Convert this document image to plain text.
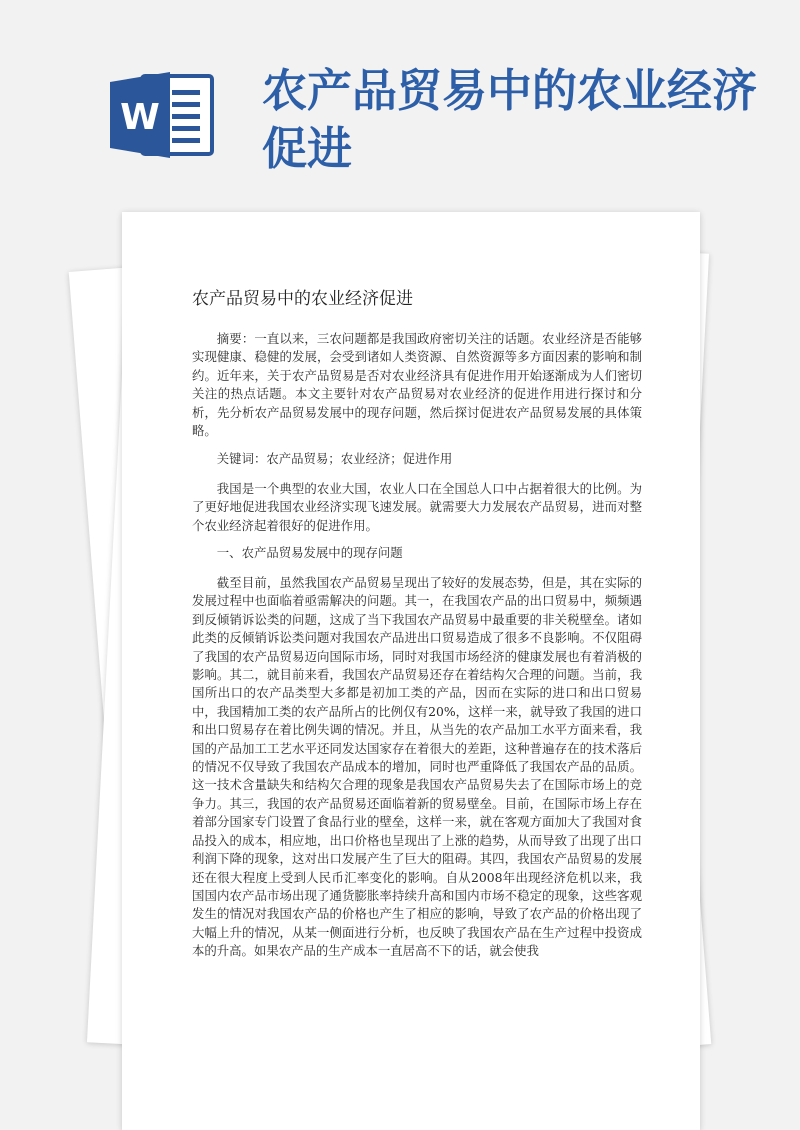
W
农产品贸易中的农业经济促进
农产品贸易中的农业经济促进

摘要：一直以来，三农问题都是我国政府密切关注的话题。农业经济是否能够实现健康、稳健的发展，会受到诸如人类资源、自然资源等多方面因素的影响和制约。近年来，关于农产品贸易是否对农业经济具有促进作用开始逐渐成为人们密切关注的热点话题。本文主要针对农产品贸易对农业经济的促进作用进行探讨和分析，先分析农产品贸易发展中的现存问题，然后探讨促进农产品贸易发展的具体策略。

关键词：农产品贸易；农业经济；促进作用

我国是一个典型的农业大国，农业人口在全国总人口中占据着很大的比例。为了更好地促进我国农业经济实现飞速发展。就需要大力发展农产品贸易，进而对整个农业经济起着很好的促进作用。

一、农产品贸易发展中的现存问题

截至目前，虽然我国农产品贸易呈现出了较好的发展态势，但是，其在实际的发展过程中也面临着亟需解决的问题。其一，在我国农产品的出口贸易中，频频遇到反倾销诉讼类的问题，这成了当下我国农产品贸易中最重要的非关税壁垒。诸如此类的反倾销诉讼类问题对我国农产品进出口贸易造成了很多不良影响。不仅阻碍了我国的农产品贸易迈向国际市场，同时对我国市场经济的健康发展也有着消极的影响。其二，就目前来看，我国农产品贸易还存在着结构欠合理的问题。当前，我国所出口的农产品类型大多都是初加工类的产品，因而在实际的进口和出口贸易中，我国精加工类的农产品所占的比例仅有20%，这样一来，就导致了我国的进口和出口贸易存在着比例失调的情况。并且，从当先的农产品加工水平方面来看，我国的产品加工工艺水平还同发达国家存在着很大的差距，这种普遍存在的技术落后的情况不仅导致了我国农产品成本的增加，同时也严重降低了我国农产品的品质。这一技术含量缺失和结构欠合理的现象是我国农产品贸易失去了在国际市场上的竞争力。其三，我国的农产品贸易还面临着新的贸易壁垒。目前，在国际市场上存在着部分国家专门设置了食品行业的壁垒，这样一来，就在客观方面加大了我国对食品投入的成本，相应地，出口价格也呈现出了上涨的趋势，从而导致了出现了出口利润下降的现象，这对出口发展产生了巨大的阻碍。其四，我国农产品贸易的发展还在很大程度上受到人民币汇率变化的影响。自从2008年出现经济危机以来，我国国内农产品市场出现了通货膨胀率持续升高和国内市场不稳定的现象，这些客观发生的情况对我国农产品的价格也产生了相应的影响，导致了农产品的价格出现了大幅上升的情况，从某一侧面进行分析，也反映了我国农产品在生产过程中投资成本的升高。如果农产品的生产成本一直居高不下的话，就会使我
